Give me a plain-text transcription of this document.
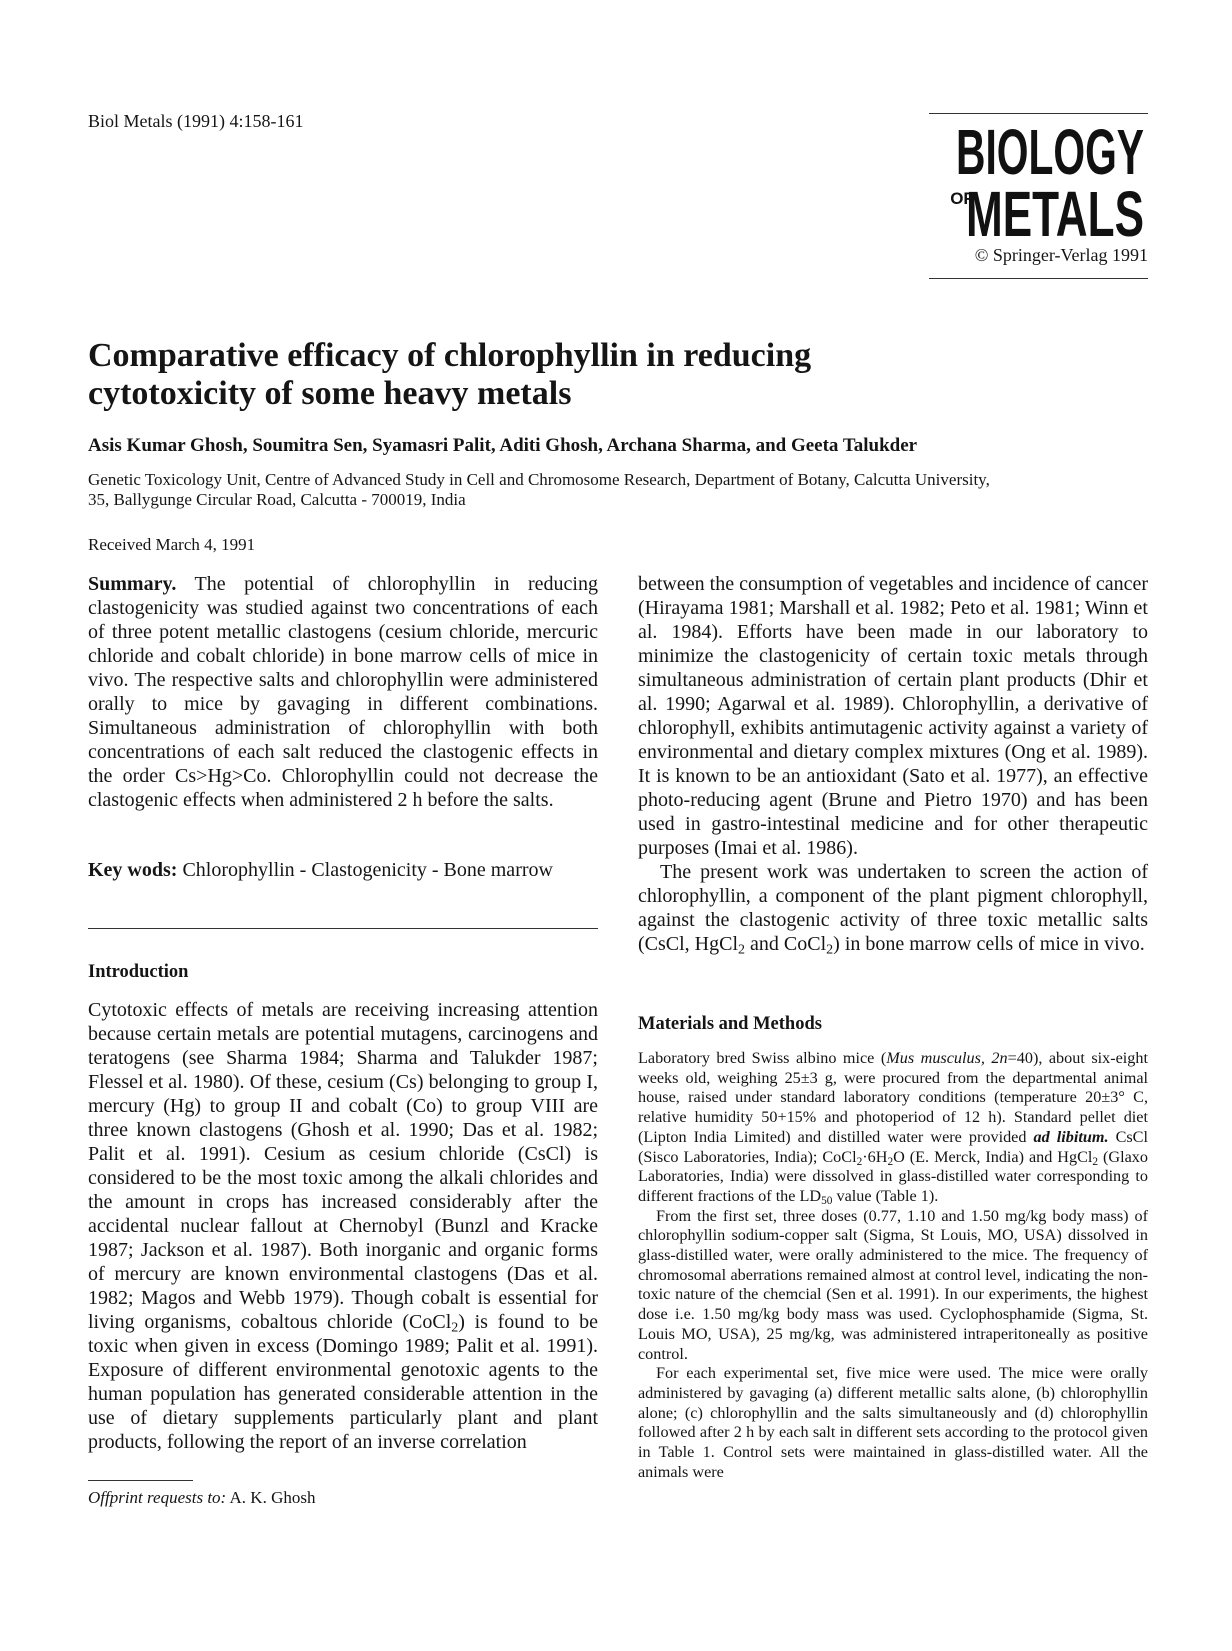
Biol Metals (1991) 4:158-161	BIOLOGY
OF
METALS
© Springer-Verlag 1991
Comparative efficacy of chlorophyllin in reducing
cytotoxicity of some heavy metals
Asis Kumar Ghosh, Soumitra Sen, Syamasri Palit, Aditi Ghosh, Archana Sharma, and Geeta Talukder
Genetic Toxicology Unit, Centre of Advanced Study in Cell and Chromosome Research, Department of Botany, Calcutta University,
35, Ballygunge Circular Road, Calcutta - 700019, India
Received March 4, 1991

Summary. The potential of chlorophyllin in reducing clastogenicity was studied against two concentrations of each of three potent metallic clastogens (cesium chloride, mercuric chloride and cobalt chloride) in bone marrow cells of mice in vivo. The respective salts and chlorophyllin were administered orally to mice by gavaging in different combinations. Simultaneous administration of chlorophyllin with both concentrations of each salt reduced the clastogenic effects in the order Cs>Hg>Co. Chlorophyllin could not decrease the clastogenic effects when administered 2 h before the salts.

Key wods: Chlorophyllin - Clastogenicity - Bone marrow

Introduction

Cytotoxic effects of metals are receiving increasing attention because certain metals are potential mutagens, carcinogens and teratogens (see Sharma 1984; Sharma and Talukder 1987; Flessel et al. 1980). Of these, cesium (Cs) belonging to group I, mercury (Hg) to group II and cobalt (Co) to group VIII are three known clastogens (Ghosh et al. 1990; Das et al. 1982; Palit et al. 1991). Cesium as cesium chloride (CsCl) is considered to be the most toxic among the alkali chlorides and the amount in crops has increased considerably after the accidental nuclear fallout at Chernobyl (Bunzl and Kracke 1987; Jackson et al. 1987). Both inorganic and organic forms of mercury are known environmental clastogens (Das et al. 1982; Magos and Webb 1979). Though cobalt is essential for living organisms, cobaltous chloride (CoCl$_2$) is found to be toxic when given in excess (Domingo 1989; Palit et al. 1991). Exposure of different environmental genotoxic agents to the human population has generated considerable attention in the use of dietary supplements particularly plant and plant products, following the report of an inverse correlation

Offprint requests to: A. K. Ghosh

between the consumption of vegetables and incidence of cancer (Hirayama 1981; Marshall et al. 1982; Peto et al. 1981; Winn et al. 1984). Efforts have been made in our laboratory to minimize the clastogenicity of certain toxic metals through simultaneous administration of certain plant products (Dhir et al. 1990; Agarwal et al. 1989). Chlorophyllin, a derivative of chlorophyll, exhibits antimutagenic activity against a variety of environmental and dietary complex mixtures (Ong et al. 1989). It is known to be an antioxidant (Sato et al. 1977), an effective photo-reducing agent (Brune and Pietro 1970) and has been used in gastro-intestinal medicine and for other therapeutic purposes (Imai et al. 1986).

The present work was undertaken to screen the action of chlorophyllin, a component of the plant pigment chlorophyll, against the clastogenic activity of three toxic metallic salts (CsCl, HgCl$_2$ and CoCl$_2$) in bone marrow cells of mice in vivo.

Materials and Methods

Laboratory bred Swiss albino mice (Mus musculus, 2n=40), about six-eight weeks old, weighing 25±3 g, were procured from the departmental animal house, raised under standard laboratory conditions (temperature 20±3° C, relative humidity 50+15% and photoperiod of 12 h). Standard pellet diet (Lipton India Limited) and distilled water were provided ad libitum. CsCl (Sisco Laboratories, India); $CoCl_2\cdot 6H_2O$ (E. Merck, India) and HgCl$_2$ (Glaxo Laboratories, India) were dissolved in glass-distilled water corresponding to different fractions of the $LD_{50}$ value (Table 1).

From the first set, three doses (0.77, 1.10 and 1.50 mg/kg body mass) of chlorophyllin sodium-copper salt (Sigma, St Louis, MO, USA) dissolved in glass-distilled water, were orally administered to the mice. The frequency of chromosomal aberrations remained almost at control level, indicating the non-toxic nature of the chemcial (Sen et al. 1991). In our experiments, the highest dose i.e. 1.50 mg/kg body mass was used. Cyclophosphamide (Sigma, St. Louis MO, USA), 25 mg/kg, was administered intraperitoneally as positive control.

For each experimental set, five mice were used. The mice were orally administered by gavaging (a) different metallic salts alone, (b) chlorophyllin alone; (c) chlorophyllin and the salts simultaneously and (d) chlorophyllin followed after 2 h by each salt in different sets according to the protocol given in Table 1. Control sets were maintained in glass-distilled water. All the animals were
